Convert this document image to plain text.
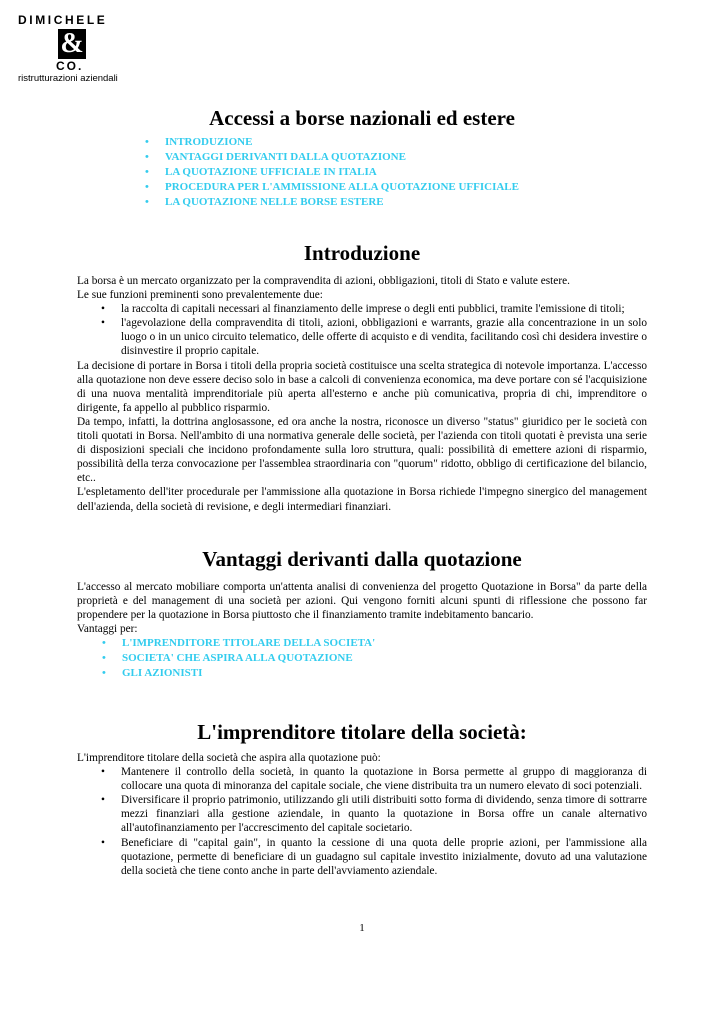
DIMICHELE
&
CO.
ristrutturazioni aziendali
Accessi a borse nazionali ed estere
• INTRODUZIONE
• VANTAGGI DERIVANTI DALLA QUOTAZIONE
• LA QUOTAZIONE UFFICIALE IN ITALIA
• PROCEDURA PER L'AMMISSIONE ALLA QUOTAZIONE UFFICIALE
• LA QUOTAZIONE NELLE BORSE ESTERE
Introduzione

La borsa è un mercato organizzato per la compravendita di azioni, obbligazioni, titoli di Stato e valute estere.

Le sue funzioni preminenti sono prevalentemente due:

• la raccolta di capitali necessari al finanziamento delle imprese o degli enti pubblici, tramite l'emissione di titoli;
• l'agevolazione della compravendita di titoli, azioni, obbligazioni e warrants, grazie alla concentrazione in un solo luogo o in un unico circuito telematico, delle offerte di acquisto e di vendita, facilitando così chi desidera investire o disinvestire il proprio capitale.

La decisione di portare in Borsa i titoli della propria società costituisce una scelta strategica di notevole importanza. L'accesso alla quotazione non deve essere deciso solo in base a calcoli di convenienza economica, ma deve portare con sé l'acquisizione di una nuova mentalità imprenditoriale più aperta all'esterno e anche più comunicativa, propria di chi, imprenditore o dirigente, fa appello al pubblico risparmio.

Da tempo, infatti, la dottrina anglosassone, ed ora anche la nostra, riconosce un diverso "status" giuridico per le società con titoli quotati in Borsa. Nell'ambito di una normativa generale delle società, per l'azienda con titoli quotati è prevista una serie di disposizioni speciali che incidono profondamente sulla loro struttura, quali: possibilità di emettere azioni di risparmio, possibilità della terza convocazione per l'assemblea straordinaria con "quorum" ridotto, obbligo di certificazione del bilancio, etc..

L'espletamento dell'iter procedurale per l'ammissione alla quotazione in Borsa richiede l'impegno sinergico del management dell'azienda, della società di revisione, e degli intermediari finanziari.

Vantaggi derivanti dalla quotazione

L'accesso al mercato mobiliare comporta un'attenta analisi di convenienza del progetto Quotazione in Borsa" da parte della proprietà e del management di una società per azioni. Qui vengono forniti alcuni spunti di riflessione che possono far propendere per la quotazione in Borsa piuttosto che il finanziamento tramite indebitamento bancario.

Vantaggi per:

• L'IMPRENDITORE TITOLARE DELLA SOCIETA'
• SOCIETA' CHE ASPIRA ALLA QUOTAZIONE
• GLI AZIONISTI
L'imprenditore titolare della società:

L'imprenditore titolare della società che aspira alla quotazione può:

• Mantenere il controllo della società, in quanto la quotazione in Borsa permette al gruppo di maggioranza di collocare una quota di minoranza del capitale sociale, che viene distribuita tra un numero elevato di soci potenziali.
• Diversificare il proprio patrimonio, utilizzando gli utili distribuiti sotto forma di dividendo, senza timore di sottrarre mezzi finanziari alla gestione aziendale, in quanto la quotazione in Borsa offre un canale alternativo all'autofinanziamento per l'accrescimento del capitale societario.
• Beneficiare di "capital gain", in quanto la cessione di una quota delle proprie azioni, per l'ammissione alla quotazione, permette di beneficiare di un guadagno sul capitale investito inizialmente, dovuto ad una valutazione della società che tiene conto anche in parte dell'avviamento aziendale.
1
